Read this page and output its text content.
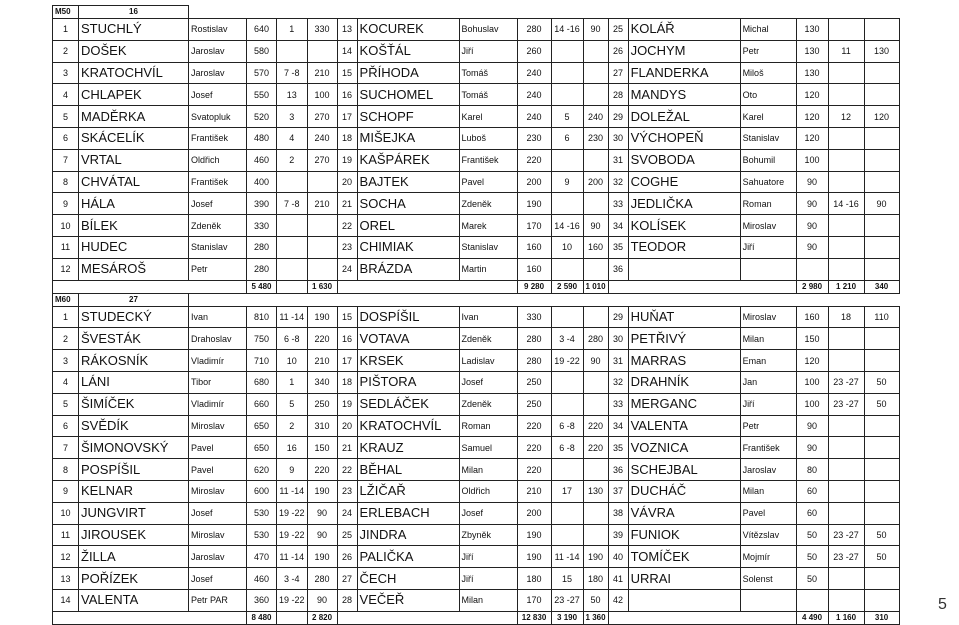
M50	16																
1	STUCHLÝ	Rostislav	640	1	330	13	KOCUREK	Bohuslav	280	14 -16	90	25	KOLÁŘ	Michal	130		
2	DOŠEK	Jaroslav	580			14	KOŠŤÁL	Jiří	260			26	JOCHYM	Petr	130	11	130
3	KRATOCHVÍL	Jaroslav	570	7 -8	210	15	PŘÍHODA	Tomáš	240			27	FLANDERKA	Miloš	130		
4	CHLAPEK	Josef	550	13	100	16	SUCHOMEL	Tomáš	240			28	MANDYS	Oto	120		
5	MADĚRKA	Svatopluk	520	3	270	17	SCHOPF	Karel	240	5	240	29	DOLEŽAL	Karel	120	12	120
6	SKÁCELÍK	František	480	4	240	18	MIŠEJKA	Luboš	230	6	230	30	VÝCHOPEŇ	Stanislav	120		
7	VRTAL	Oldřich	460	2	270	19	KAŠPÁREK	František	220			31	SVOBODA	Bohumil	100		
8	CHVÁTAL	František	400			20	BAJTEK	Pavel	200	9	200	32	COGHE	Sahuatore	90		
9	HÁLA	Josef	390	7 -8	210	21	SOCHA	Zdeněk	190			33	JEDLIČKA	Roman	90	14 -16	90
10	BÍLEK	Zdeněk	330			22	OREL	Marek	170	14 -16	90	34	KOLÍSEK	Miroslav	90		
11	HUDEC	Stanislav	280			23	CHIMIAK	Stanislav	160	10	160	35	TEODOR	Jiří	90		
12	MESÁROŠ	Petr	280			24	BRÁZDA	Martin	160			36					
			5 480		1 630				9 280	2 590	1 010				2 980	1 210	340
M60	27																
1	STUDECKÝ	Ivan	810	11 -14	190	15	DOSPÍŠIL	Ivan	330			29	HUŇAT	Miroslav	160	18	110
2	ŠVESTÁK	Drahoslav	750	6 -8	220	16	VOTAVA	Zdeněk	280	3 -4	280	30	PETŘIVÝ	Milan	150		
3	RÁKOSNÍK	Vladimír	710	10	210	17	KRSEK	Ladislav	280	19 -22	90	31	MARRAS	Eman	120		
4	LÁNI	Tibor	680	1	340	18	PIŠTORA	Josef	250			32	DRAHNÍK	Jan	100	23 -27	50
5	ŠIMÍČEK	Vladimír	660	5	250	19	SEDLÁČEK	Zdeněk	250			33	MERGANC	Jiří	100	23 -27	50
6	SVĚDÍK	Miroslav	650	2	310	20	KRATOCHVÍL	Roman	220	6 -8	220	34	VALENTA	Petr	90		
7	ŠIMONOVSKÝ	Pavel	650	16	150	21	KRAUZ	Samuel	220	6 -8	220	35	VOZNICA	František	90		
8	POSPÍŠIL	Pavel	620	9	220	22	BĚHAL	Milan	220			36	SCHEJBAL	Jaroslav	80		
9	KELNAR	Miroslav	600	11 -14	190	23	LŽIČAŘ	Oldřich	210	17	130	37	DUCHÁČ	Milan	60		
10	JUNGVIRT	Josef	530	19 -22	90	24	ERLEBACH	Josef	200			38	VÁVRA	Pavel	60		
11	JIROUSEK	Miroslav	530	19 -22	90	25	JINDRA	Zbyněk	190			39	FUNIOK	Vítězslav	50	23 -27	50
12	ŽILLA	Jaroslav	470	11 -14	190	26	PALIČKA	Jiří	190	11 -14	190	40	TOMÍČEK	Mojmír	50	23 -27	50
13	POŘÍZEK	Josef	460	3 -4	280	27	ČECH	Jiří	180	15	180	41	URRAI	Solenst	50		
14	VALENTA	Petr PAR	360	19 -22	90	28	VEČEŘ	Milan	170	23 -27	50	42					
			8 480		2 820				12 830	3 190	1 360				4 490	1 160	310
5
